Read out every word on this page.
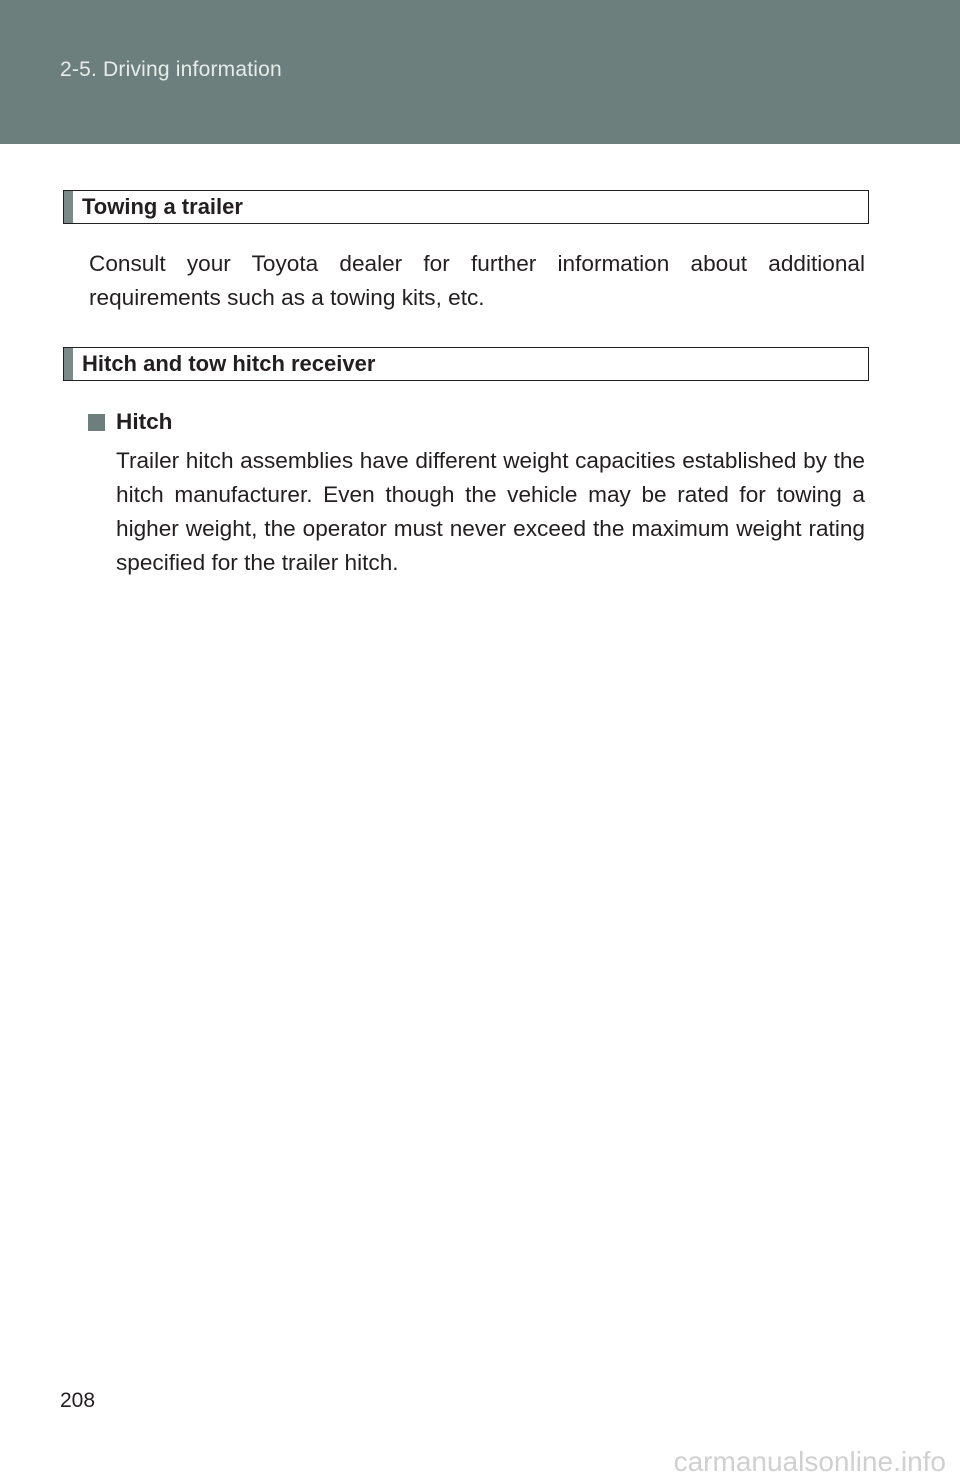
2-5. Driving information
Towing a trailer
Consult your Toyota dealer for further information about additional requirements such as a towing kits, etc.
Hitch and tow hitch receiver
Hitch
Trailer hitch assemblies have different weight capacities established by the hitch manufacturer. Even though the vehicle may be rated for towing a higher weight, the operator must never exceed the maximum weight rating specified for the trailer hitch.
208
carmanualsonline.info
